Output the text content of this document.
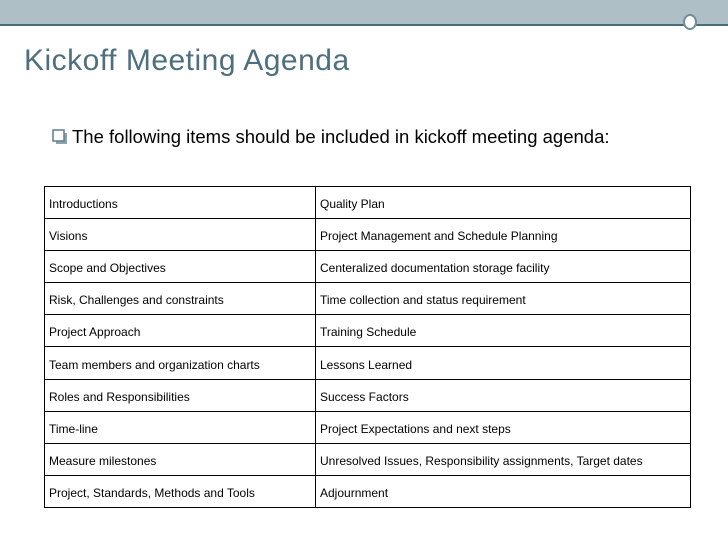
Kickoff Meeting Agenda
The following items should be included in kickoff meeting agenda:
Introductions	Quality Plan
Visions	Project Management and Schedule Planning
Scope and Objectives	Centeralized documentation storage facility
Risk, Challenges and constraints	Time collection and status requirement
Project Approach	Training Schedule
Team members and organization charts	Lessons Learned
Roles and Responsibilities	Success Factors
Time-line	Project Expectations and next steps
Measure milestones	Unresolved Issues, Responsibility assignments, Target dates
Project, Standards, Methods and Tools	Adjournment
